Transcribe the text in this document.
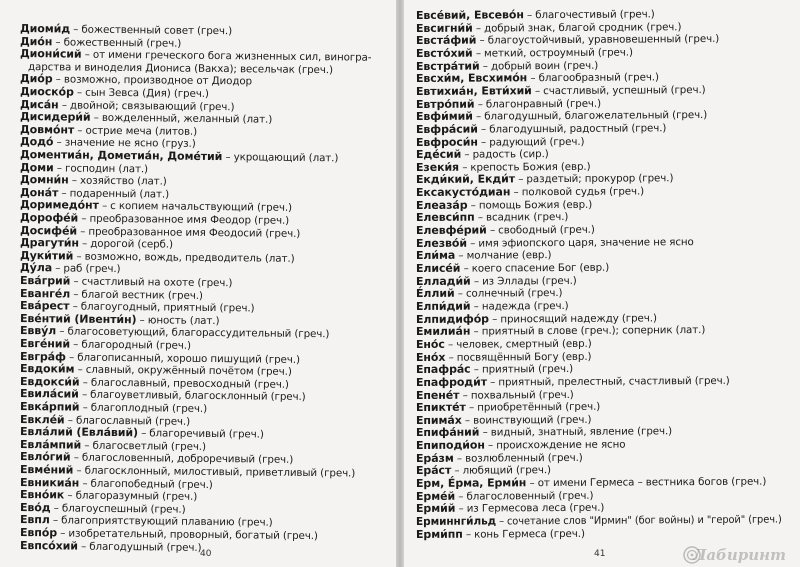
Диоми́д – божественный совет (греч.)
Дио́н – божественный (греч.)
Диони́сий – от имени греческого бога жизненных сил, виногра-
дарства и виноделия Диониса (Вакха); весельчак (греч.)
Дио́р – возможно, производное от Диодор
Диоско́р – сын Зевса (Дия) (греч.)
Диса́н – двойной; связывающий (греч.)
Дисидери́й – вожделенный, желанный (лат.)
Довмо́нт – острие меча (литов.)
Додо́ – значение не ясно (груз.)
Доментиа́н, Дометиа́н, Доме́тий – укрощающий (лат.)
Доми – господин (лат.)
Домни́н – хозяйство (лат.)
Дона́т – подаренный (лат.)
Доримедо́нт – с копием начальствующий (греч.)
Дорофе́й – преобразованное имя Феодор (греч.)
Досифе́й – преобразованное имя Феодосий (греч.)
Драгути́н – дорогой (серб.)
Дуки́тий – возможно, вождь, предводитель (лат.)
Ду́ла – раб (греч.)
Ева́грий – счастливый на охоте (греч.)
Еванге́л – благой вестник (греч.)
Ева́рест – благоугодный, приятный (греч.)
Еве́нтий (Ивенти́н) – юность (лат.)
Евву́л – благосоветующий, благорассудительный (греч.)
Евге́ний – благородный (греч.)
Евгра́ф – благописанный, хорошо пишущий (греч.)
Евдоки́м – славный, окружённый почётом (греч.)
Евдокси́й – благославный, превосходный (греч.)
Евила́сий – благоуветливый, благосклонный (греч.)
Евка́рпий – благоплодный (греч.)
Евкле́й – благославный (греч.)
Евла́лий (Евла́вий) – благоречивый (греч.)
Евла́мпий – благосветлый (греч.)
Евло́гий – благословенный, доброречивый (греч.)
Евме́ний – благосклонный, милостивый, приветливый (греч.)
Евникиа́н – благопобедный (греч.)
Евно́ик – благоразумный (греч.)
Ево́д – благоуспешный (греч.)
Евпл – благоприятствующий плаванию (греч.)
Евпо́р – изобретательный, проворный, богатый (греч.)
Евпсо́хий – благодушный (греч.)
40
Евсе́вий, Евсево́н – благочестивый (греч.)
Евсигни́й – добрый знак, благой сродник (греч.)
Евста́фий – благоустойчивый, уравновешенный (греч.)
Евсто́хий – меткий, остроумный (греч.)
Евстра́тий – добрый воин (греч.)
Евсхи́м, Евсхимо́н – благообразный (греч.)
Евтихиа́н, Евти́хий – счастливый, успешный (греч.)
Евтро́пий – благонравный (греч.)
Евфи́мий – благодушный, благожелательный (греч.)
Евфра́сий – благодушный, радостный (греч.)
Евфроси́н – радующий (греч.)
Еде́сий – радость (сир.)
Езеки́я – крепость Божия (евр.)
Екди́кий, Екди́т – раздетый; прокурор (греч.)
Ексакусто́диан – полковой судья (греч.)
Елеаза́р – помощь Божия (евр.)
Елевси́пп – всадник (греч.)
Елевфе́рий – свободный (греч.)
Елезво́й – имя эфиопского царя, значение не ясно
Ели́ма – молчание (евр.)
Елисе́й – коего спасение Бог (евр.)
Еллади́й – из Эллады (греч.)
Е́ллий – солнечный (греч.)
Елпи́дий – надежда (греч.)
Елпидифо́р – приносящий надежду (греч.)
Емилиа́н – приятный в слове (греч.); соперник (лат.)
Ено́с – человек, смертный (евр.)
Ено́х – посвящённый Богу (евр.)
Епафра́с – приятный (греч.)
Епафроди́т – приятный, прелестный, счастливый (греч.)
Епене́т – похвальный (греч.)
Епикте́т – приобретённый (греч.)
Епима́х – воинствующий (греч.)
Епифа́ний – видный, знатный, явление (греч.)
Епиподи́он – происхождение не ясно
Ера́зм – возлюбленный (греч.)
Ера́ст – любящий (греч.)
Ерм, Е́рма, Ерми́н – от имени Гермеса – вестника богов (греч.)
Ерме́й – благословенный (греч.)
Ерми́й – из Гермесова леса (греч.)
Ерминнги́льд – сочетание слов "Ирмин" (бог войны) и "герой" (греч.)
Ерми́пп – конь Гермеса (греч.)
41	Лабиринт
